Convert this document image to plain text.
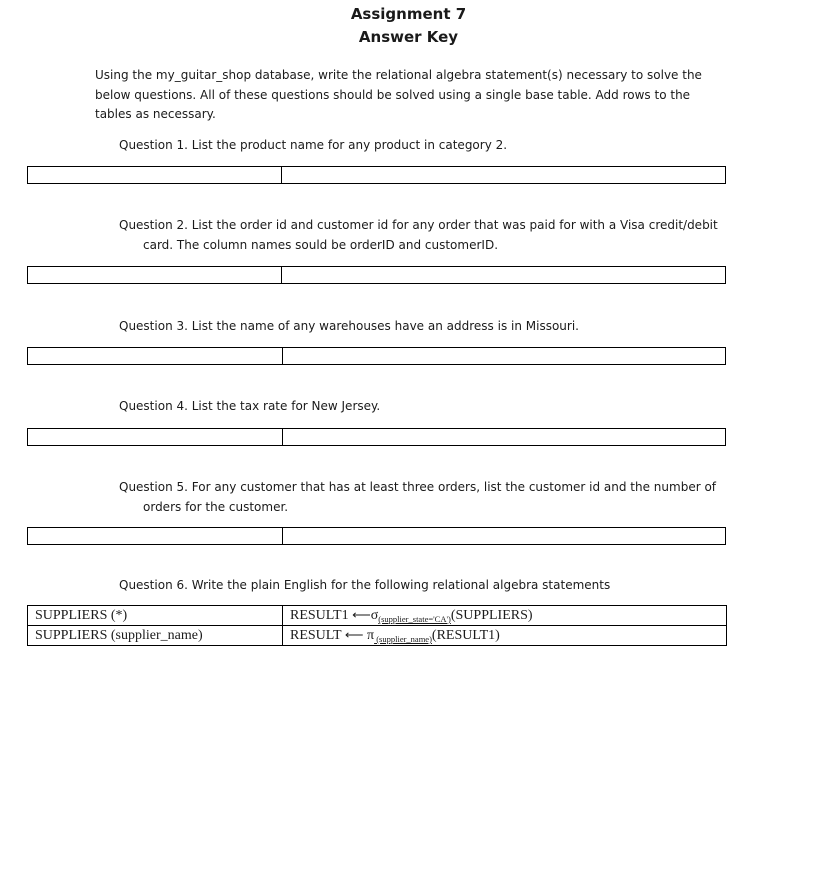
Assignment 7
Answer Key
Using the my_guitar_shop database, write the relational algebra statement(s) necessary to solve the
below questions. All of these questions should be solved using a single base table. Add rows to the
tables as necessary.
Question 1. List the product name for any product in category 2.
Question 2. List the order id and customer id for any order that was paid for with a Visa credit/debit
card. The column names sould be orderID and customerID.
Question 3. List the name of any warehouses have an address is in Missouri.
Question 4. List the tax rate for New Jersey.
Question 5. For any customer that has at least three orders, list the customer id and the number of
orders for the customer.
Question 6. Write the plain English for the following relational algebra statements
SUPPLIERS (*)	RESULT1 $⟵\sigma_{(supplier\_state='CA')}(SUPPLIERS)$
SUPPLIERS (supplier_name)	RESULT ⟵ π $_{(supplier\_name)}$(RESULT1)
